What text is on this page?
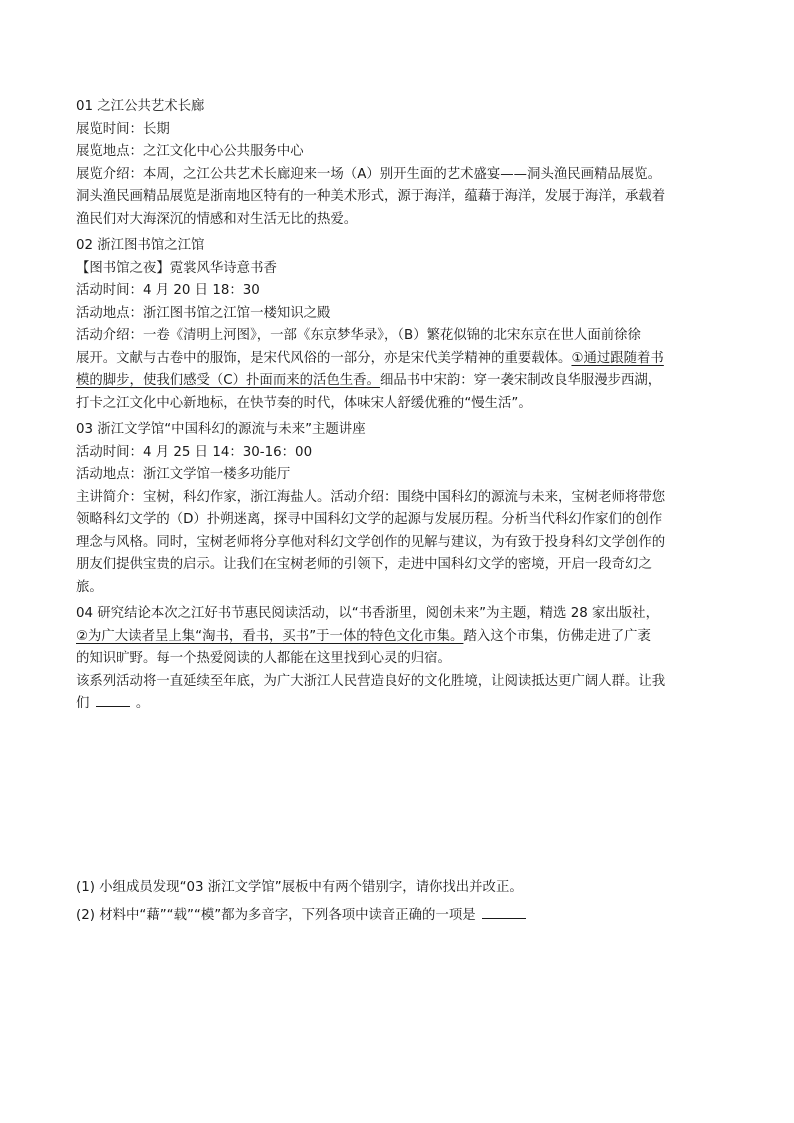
01 之江公共艺术长廊
展览时间：长期
展览地点：之江文化中心公共服务中心
展览介绍：本周，之江公共艺术长廊迎来一场（A）别开生面的艺术盛宴——洞头渔民画精品展览。
洞头渔民画精品展览是浙南地区特有的一种美术形式，源于海洋，蕴藉于海洋，发展于海洋，承载着
渔民们对大海深沉的情感和对生活无比的热爱。
02 浙江图书馆之江馆
【图书馆之夜】霓裳风华诗意书香
活动时间：4 月 20 日 18：30
活动地点：浙江图书馆之江馆一楼知识之殿
活动介绍：一卷《清明上河图》，一部《东京梦华录》，（B）繁花似锦的北宋东京在世人面前徐徐
展开。文献与古卷中的服饰，是宋代风俗的一部分，亦是宋代美学精神的重要载体。①通过跟随着书
模的脚步，使我们感受（C）扑面而来的活色生香。细品书中宋韵：穿一袭宋制改良华服漫步西湖，
打卡之江文化中心新地标，在快节奏的时代，体味宋人舒缓优雅的“慢生活”。
03 浙江文学馆“中国科幻的源流与未来”主题讲座
活动时间：4 月 25 日 14：30-16：00
活动地点：浙江文学馆一楼多功能厅
主讲简介：宝树，科幻作家，浙江海盐人。活动介绍：围绕中国科幻的源流与未来，宝树老师将带您
领略科幻文学的（D）扑朔迷离，探寻中国科幻文学的起源与发展历程。分析当代科幻作家们的创作
理念与风格。同时，宝树老师将分享他对科幻文学创作的见解与建议，为有致于投身科幻文学创作的
朋友们提供宝贵的启示。让我们在宝树老师的引领下，走进中国科幻文学的密境，开启一段奇幻之
旅。
04 研究结论本次之江好书节惠民阅读活动，以“书香浙里，阅创未来”为主题，精选 28 家出版社，
②为广大读者呈上集“淘书，看书，买书”于一体的特色文化市集。踏入这个市集，仿佛走进了广袤
的知识旷野。每一个热爱阅读的人都能在这里找到心灵的归宿。
该系列活动将一直延续至年底，为广大浙江人民营造良好的文化胜境，让阅读抵达更广阔人群。让我
们	。
(1) 小组成员发现“03 浙江文学馆”展板中有两个错别字，请你找出并改正。
(2) 材料中“藉”“载”“模”都为多音字，下列各项中读音正确的一项是
